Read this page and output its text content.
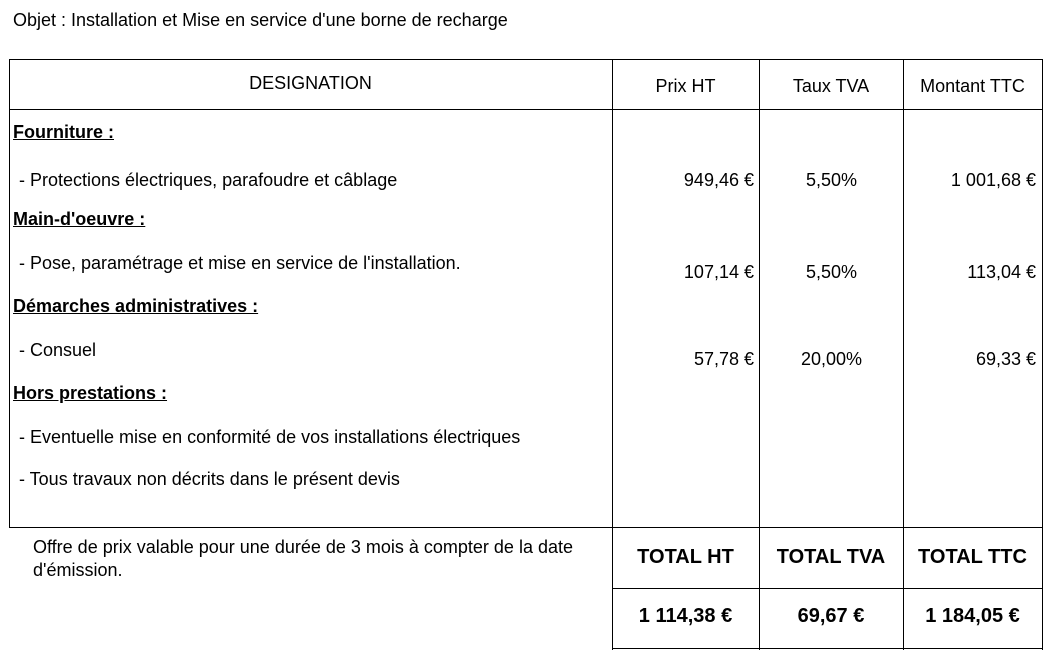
Objet : Installation et Mise en service d'une borne de recharge
DESIGNATION	Prix HT	Taux TVA	Montant TTC
Fourniture :
- Protections électriques, parafoudre et câblage	949,46 €	5,50%	1 001,68 €
Main-d'oeuvre :
- Pose, paramétrage et mise en service de l'installation.	107,14 €	5,50%	113,04 €
Démarches administratives :
- Consuel	57,78 €	20,00%	69,33 €
Hors prestations :
- Eventuelle mise en conformité de vos installations électriques
- Tous travaux non décrits dans le présent devis
Offre de prix valable pour une durée de 3 mois à compter de la date d'émission.
TOTAL HT	TOTAL TVA	TOTAL TTC
1 114,38 €	69,67 €	1 184,05 €
